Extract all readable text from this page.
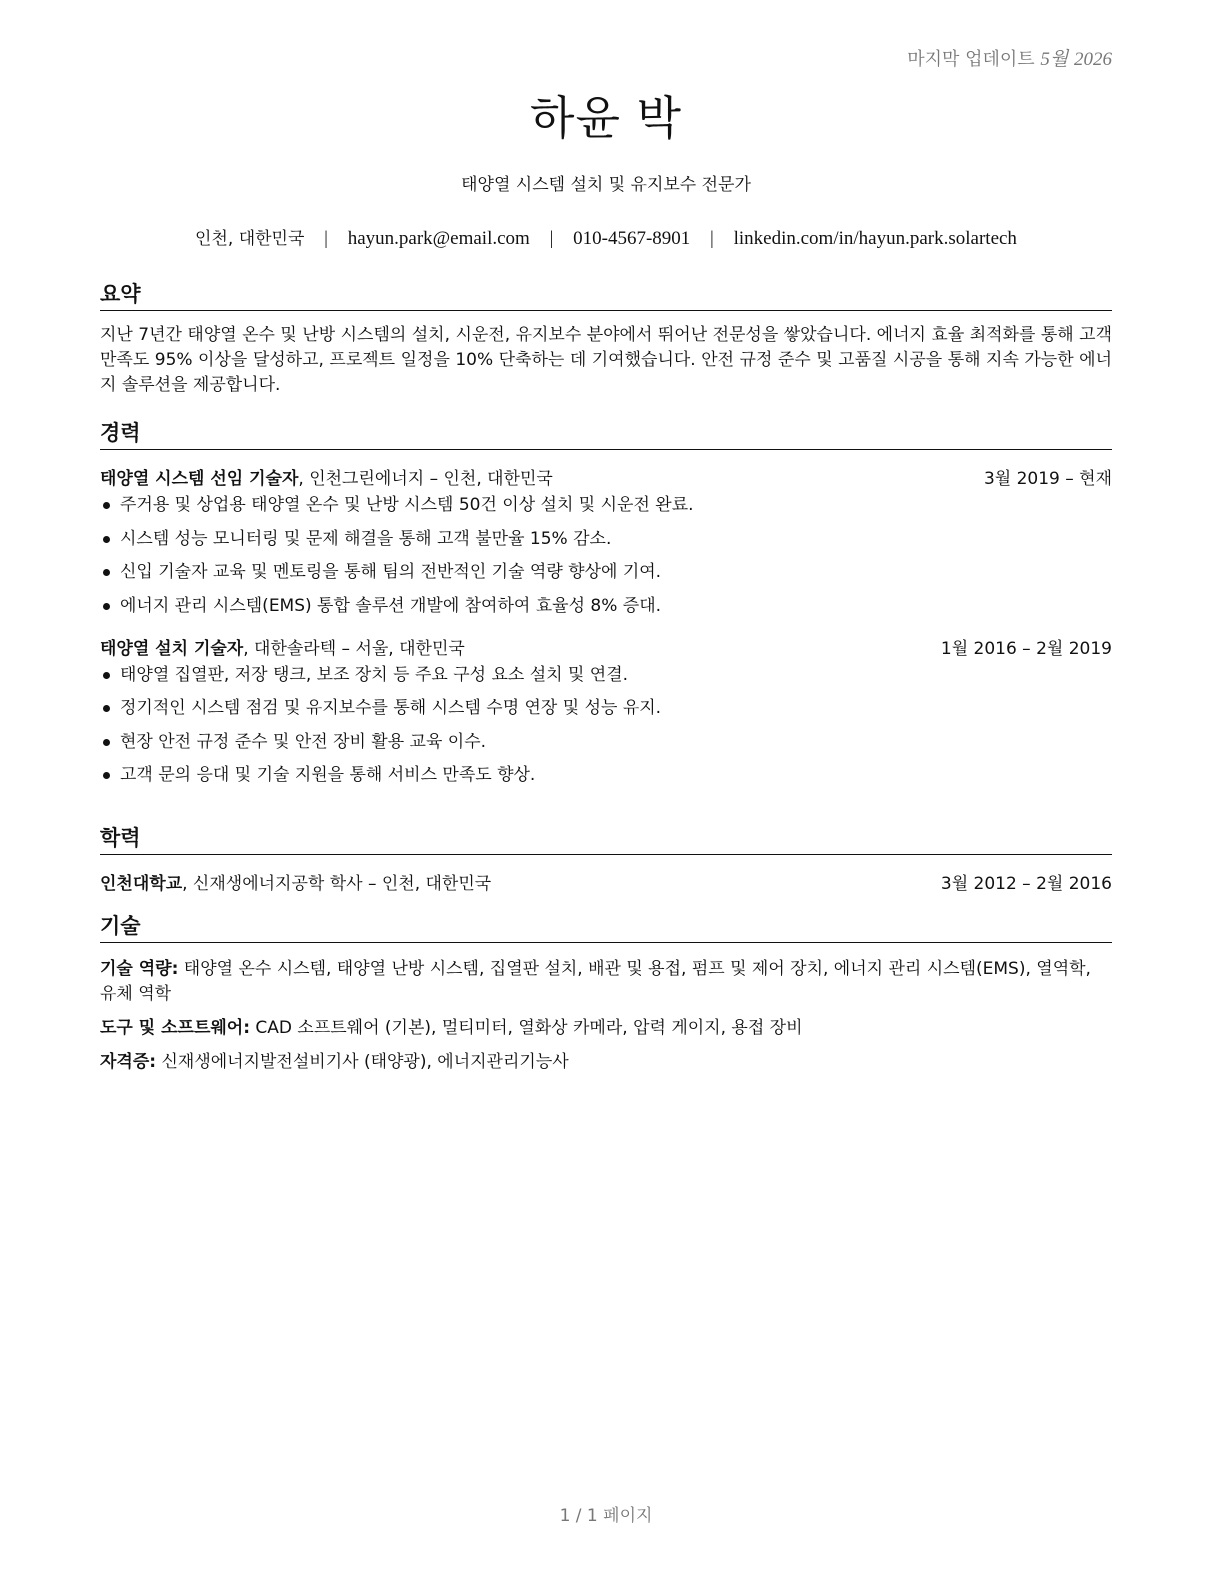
마지막 업데이트 5월 2026
하윤 박
태양열 시스템 설치 및 유지보수 전문가
인천, 대한민국 | hayun.park@email.com | 010-4567-8901 | linkedin.com/in/hayun.park.solartech
요약
지난 7년간 태양열 온수 및 난방 시스템의 설치, 시운전, 유지보수 분야에서 뛰어난 전문성을 쌓았습니다. 에너지 효율 최적화를 통해 고객 만족도 95% 이상을 달성하고, 프로젝트 일정을 10% 단축하는 데 기여했습니다. 안전 규정 준수 및 고품질 시공을 통해 지속 가능한 에너지 솔루션을 제공합니다.
경력
태양열 시스템 선임 기술자, 인천그린에너지 – 인천, 대한민국	3월 2019 – 현재
주거용 및 상업용 태양열 온수 및 난방 시스템 50건 이상 설치 및 시운전 완료.
시스템 성능 모니터링 및 문제 해결을 통해 고객 불만율 15% 감소.
신입 기술자 교육 및 멘토링을 통해 팀의 전반적인 기술 역량 향상에 기여.
에너지 관리 시스템(EMS) 통합 솔루션 개발에 참여하여 효율성 8% 증대.
태양열 설치 기술자, 대한솔라텍 – 서울, 대한민국	1월 2016 – 2월 2019
태양열 집열판, 저장 탱크, 보조 장치 등 주요 구성 요소 설치 및 연결.
정기적인 시스템 점검 및 유지보수를 통해 시스템 수명 연장 및 성능 유지.
현장 안전 규정 준수 및 안전 장비 활용 교육 이수.
고객 문의 응대 및 기술 지원을 통해 서비스 만족도 향상.
학력
인천대학교, 신재생에너지공학 학사 – 인천, 대한민국	3월 2012 – 2월 2016
기술
기술 역량: 태양열 온수 시스템, 태양열 난방 시스템, 집열판 설치, 배관 및 용접, 펌프 및 제어 장치, 에너지 관리 시스템(EMS), 열역학, 유체 역학
도구 및 소프트웨어: CAD 소프트웨어 (기본), 멀티미터, 열화상 카메라, 압력 게이지, 용접 장비
자격증: 신재생에너지발전설비기사 (태양광), 에너지관리기능사
1 / 1 페이지
